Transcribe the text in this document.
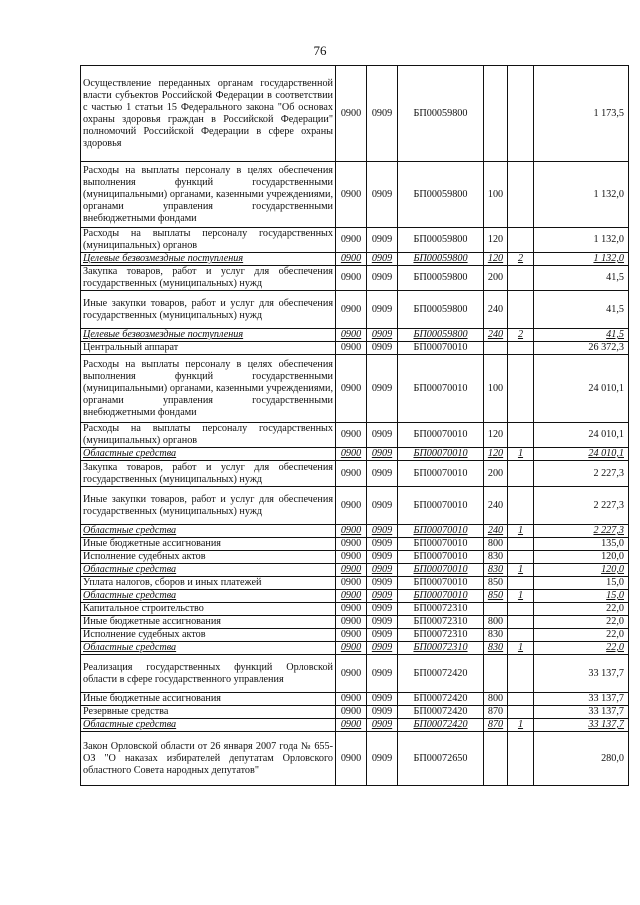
76
Осуществление переданных органам государственной власти субъектов Российской Федерации в соответствии с частью 1 статьи 15 Федерального закона "Об основах охраны здоровья граждан в Российской Федерации" полномочий Российской Федерации в сфере охраны здоровья	0900	0909	БП00059800			1 173,5
Расходы на выплаты персоналу в целях обеспечения выполнения функций государственными (муниципальными) органами, казенными учреждениями, органами управления государственными внебюджетными фондами	0900	0909	БП00059800	100		1 132,0
Расходы на выплаты персоналу государственных (муниципальных) органов	0900	0909	БП00059800	120		1 132,0
Целевые безвозмездные поступления	0900	0909	БП00059800	120	2	1 132,0
Закупка товаров, работ и услуг для обеспечения государственных (муниципальных) нужд	0900	0909	БП00059800	200		41,5
Иные закупки товаров, работ и услуг для обеспечения государственных (муниципальных) нужд	0900	0909	БП00059800	240		41,5
Целевые безвозмездные поступления	0900	0909	БП00059800	240	2	41,5
Центральный аппарат	0900	0909	БП00070010			26 372,3
Расходы на выплаты персоналу в целях обеспечения выполнения функций государственными (муниципальными) органами, казенными учреждениями, органами управления государственными внебюджетными фондами	0900	0909	БП00070010	100		24 010,1
Расходы на выплаты персоналу государственных (муниципальных) органов	0900	0909	БП00070010	120		24 010,1
Областные средства	0900	0909	БП00070010	120	1	24 010,1
Закупка товаров, работ и услуг для обеспечения государственных (муниципальных) нужд	0900	0909	БП00070010	200		2 227,3
Иные закупки товаров, работ и услуг для обеспечения государственных (муниципальных) нужд	0900	0909	БП00070010	240		2 227,3
Областные средства	0900	0909	БП00070010	240	1	2 227,3
Иные бюджетные ассигнования	0900	0909	БП00070010	800		135,0
Исполнение судебных актов	0900	0909	БП00070010	830		120,0
Областные средства	0900	0909	БП00070010	830	1	120,0
Уплата налогов, сборов и иных платежей	0900	0909	БП00070010	850		15,0
Областные средства	0900	0909	БП00070010	850	1	15,0
Капитальное строительство	0900	0909	БП00072310			22,0
Иные бюджетные ассигнования	0900	0909	БП00072310	800		22,0
Исполнение судебных актов	0900	0909	БП00072310	830		22,0
Областные средства	0900	0909	БП00072310	830	1	22,0
Реализация государственных функций Орловской области в сфере государственного управления	0900	0909	БП00072420			33 137,7
Иные бюджетные ассигнования	0900	0909	БП00072420	800		33 137,7
Резервные средства	0900	0909	БП00072420	870		33 137,7
Областные средства	0900	0909	БП00072420	870	1	33 137,7
Закон Орловской области от 26 января 2007 года № 655-ОЗ "О наказах избирателей депутатам Орловского областного Совета народных депутатов"	0900	0909	БП00072650			280,0
